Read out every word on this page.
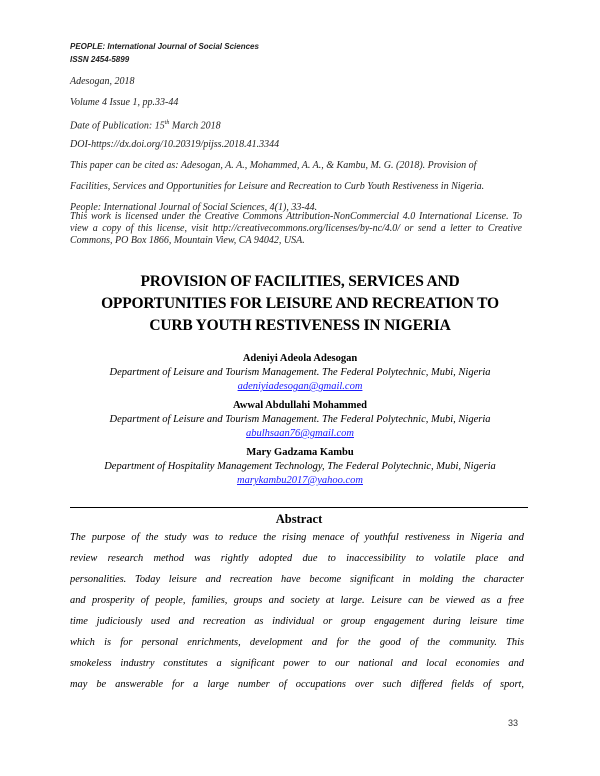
PEOPLE: International Journal of Social Sciences
ISSN 2454-5899
Adesogan, 2018
Volume 4 Issue 1, pp.33-44
Date of Publication: 15th March 2018
DOI-https://dx.doi.org/10.20319/pijss.2018.41.3344
This paper can be cited as: Adesogan, A. A., Mohammed, A. A., & Kambu, M. G. (2018). Provision of
Facilities, Services and Opportunities for Leisure and Recreation to Curb Youth Restiveness in Nigeria.
People: International Journal of Social Sciences, 4(1), 33-44.
This work is licensed under the Creative Commons Attribution-NonCommercial 4.0 International License. To view a copy of this license, visit http://creativecommons.org/licenses/by-nc/4.0/ or send a letter to Creative Commons, PO Box 1866, Mountain View, CA 94042, USA.
PROVISION OF FACILITIES, SERVICES AND
OPPORTUNITIES FOR LEISURE AND RECREATION TO
CURB YOUTH RESTIVENESS IN NIGERIA
Adeniyi Adeola Adesogan
Department of Leisure and Tourism Management. The Federal Polytechnic, Mubi, Nigeria
adeniyiadesogan@gmail.com
Awwal Abdullahi Mohammed
Department of Leisure and Tourism Management. The Federal Polytechnic, Mubi, Nigeria
abulhsaan76@gmail.com
Mary Gadzama Kambu
Department of Hospitality Management Technology, The Federal Polytechnic, Mubi, Nigeria
marykambu2017@yahoo.com
Abstract
The purpose of the study was to reduce the rising menace of youthful restiveness in Nigeria and
review research method was rightly adopted due to inaccessibility to volatile place and
personalities. Today leisure and recreation have become significant in molding the character
and prosperity of people, families, groups and society at large. Leisure can be viewed as a free
time judiciously used and recreation as individual or group engagement during leisure time
which is for personal enrichments, development and for the good of the community. This
smokeless industry constitutes a significant power to our national and local economies and
may be answerable for a large number of occupations over such differed fields of sport,
33
